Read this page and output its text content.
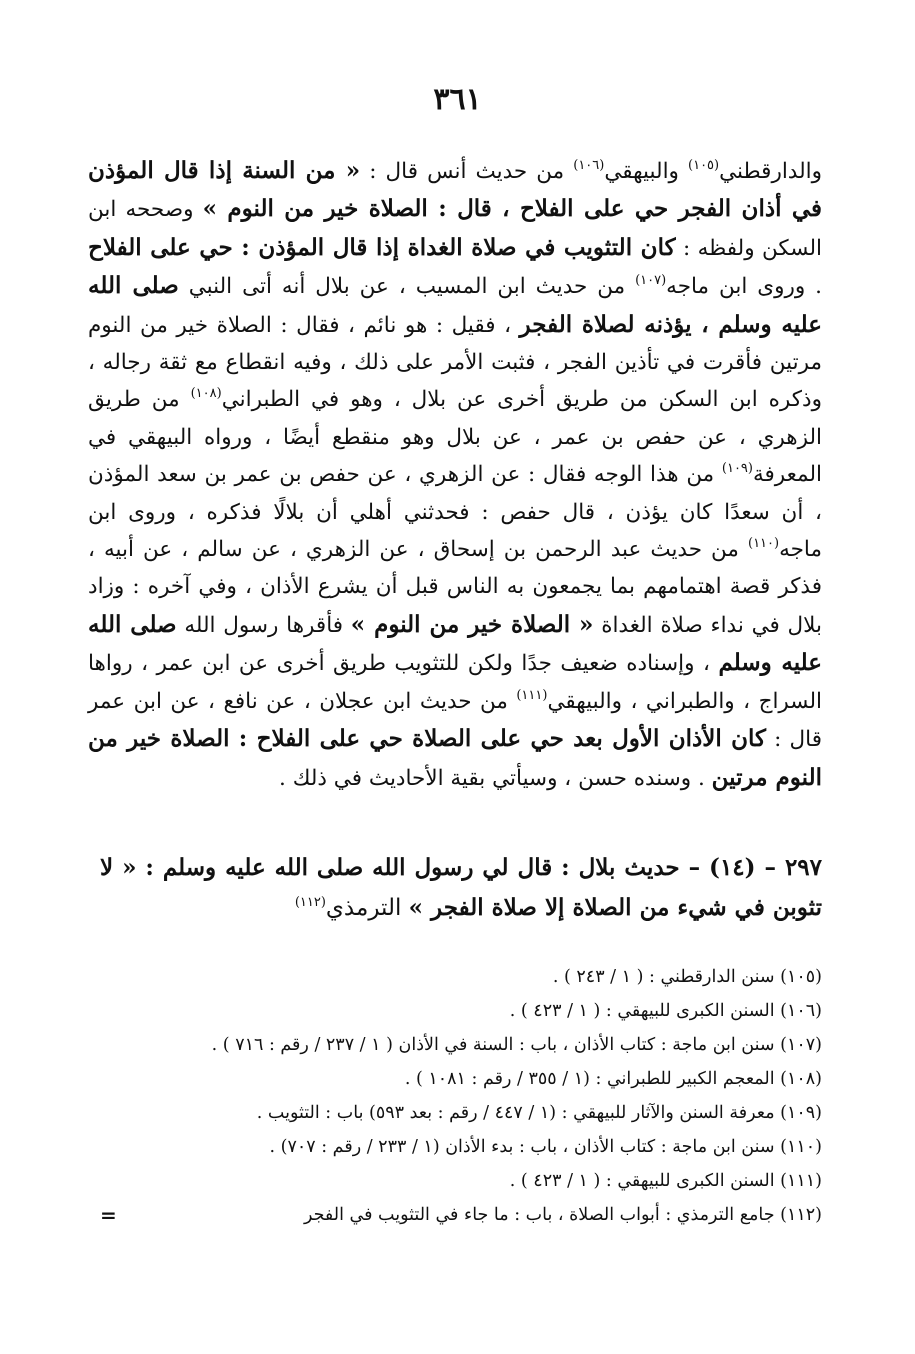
٣٦١
والدارقطني$^{(١٠٥)}$ والبيهقي$^{(١٠٦)}$ من حديث أنس قال : « من السنة إذا قال المؤذن في أذان الفجر حي على الفلاح ، قال : الصلاة خير من النوم » وصححه ابن السكن ولفظه : كان التثويب في صلاة الغداة إذا قال المؤذن : حي على الفلاح . وروى ابن ماجه$^{(١٠٧)}$ من حديث ابن المسيب ، عن بلال أنه أتى النبي صلى الله عليه وسلم ، يؤذنه لصلاة الفجر ، فقيل : هو نائم ، فقال : الصلاة خير من النوم مرتين فأقرت في تأذين الفجر ، فثبت الأمر على ذلك ، وفيه انقطاع مع ثقة رجاله ، وذكره ابن السكن من طريق أخرى عن بلال ، وهو في الطبراني$^{(١٠٨)}$ من طريق الزهري ، عن حفص بن عمر ، عن بلال وهو منقطع أيضًا ، ورواه البيهقي في المعرفة$^{(١٠٩)}$ من هذا الوجه فقال : عن الزهري ، عن حفص بن عمر بن سعد المؤذن ، أن سعدًا كان يؤذن ، قال حفص : فحدثني أهلي أن بلالًا فذكره ، وروى ابن ماجه$^{(١١٠)}$ من حديث عبد الرحمن بن إسحاق ، عن الزهري ، عن سالم ، عن أبيه ، فذكر قصة اهتمامهم بما يجمعون به الناس قبل أن يشرع الأذان ، وفي آخره : وزاد بلال في نداء صلاة الغداة « الصلاة خير من النوم » فأقرها رسول الله صلى الله عليه وسلم ، وإسناده ضعيف جدًا ولكن للتثويب طريق أخرى عن ابن عمر ، رواها السراج ، والطبراني ، والبيهقي$^{(١١١)}$ من حديث ابن عجلان ، عن نافع ، عن ابن عمر قال : كان الأذان الأول بعد حي على الصلاة حي على الفلاح : الصلاة خير من النوم مرتين . وسنده حسن ، وسيأتي بقية الأحاديث في ذلك .
٢٩٧ – (١٤) – حديث بلال : قال لي رسول الله صلى الله عليه وسلم : « لا تثوبن في شيء من الصلاة إلا صلاة الفجر » الترمذي$^{(١١٢)}$
(١٠٥) سنن الدارقطني : ( ١ / ٢٤٣ ) .
(١٠٦) السنن الكبرى للبيهقي : ( ١ / ٤٢٣ ) .
(١٠٧) سنن ابن ماجة : كتاب الأذان ، باب : السنة في الأذان ( ١ / ٢٣٧ / رقم : ٧١٦ ) .
(١٠٨) المعجم الكبير للطبراني : (١ / ٣٥٥ / رقم : ١٠٨١ ) .
(١٠٩) معرفة السنن والآثار للبيهقي : (١ / ٤٤٧ / رقم : بعد ٥٩٣) باب : التثويب .
(١١٠) سنن ابن ماجة : كتاب الأذان ، باب : بدء الأذان (١ / ٢٣٣ / رقم : ٧٠٧) .
(١١١) السنن الكبرى للبيهقي : ( ١ / ٤٢٣ ) .
(١١٢) جامع الترمذي : أبواب الصلاة ، باب : ما جاء في التثويب في الفجر
=
